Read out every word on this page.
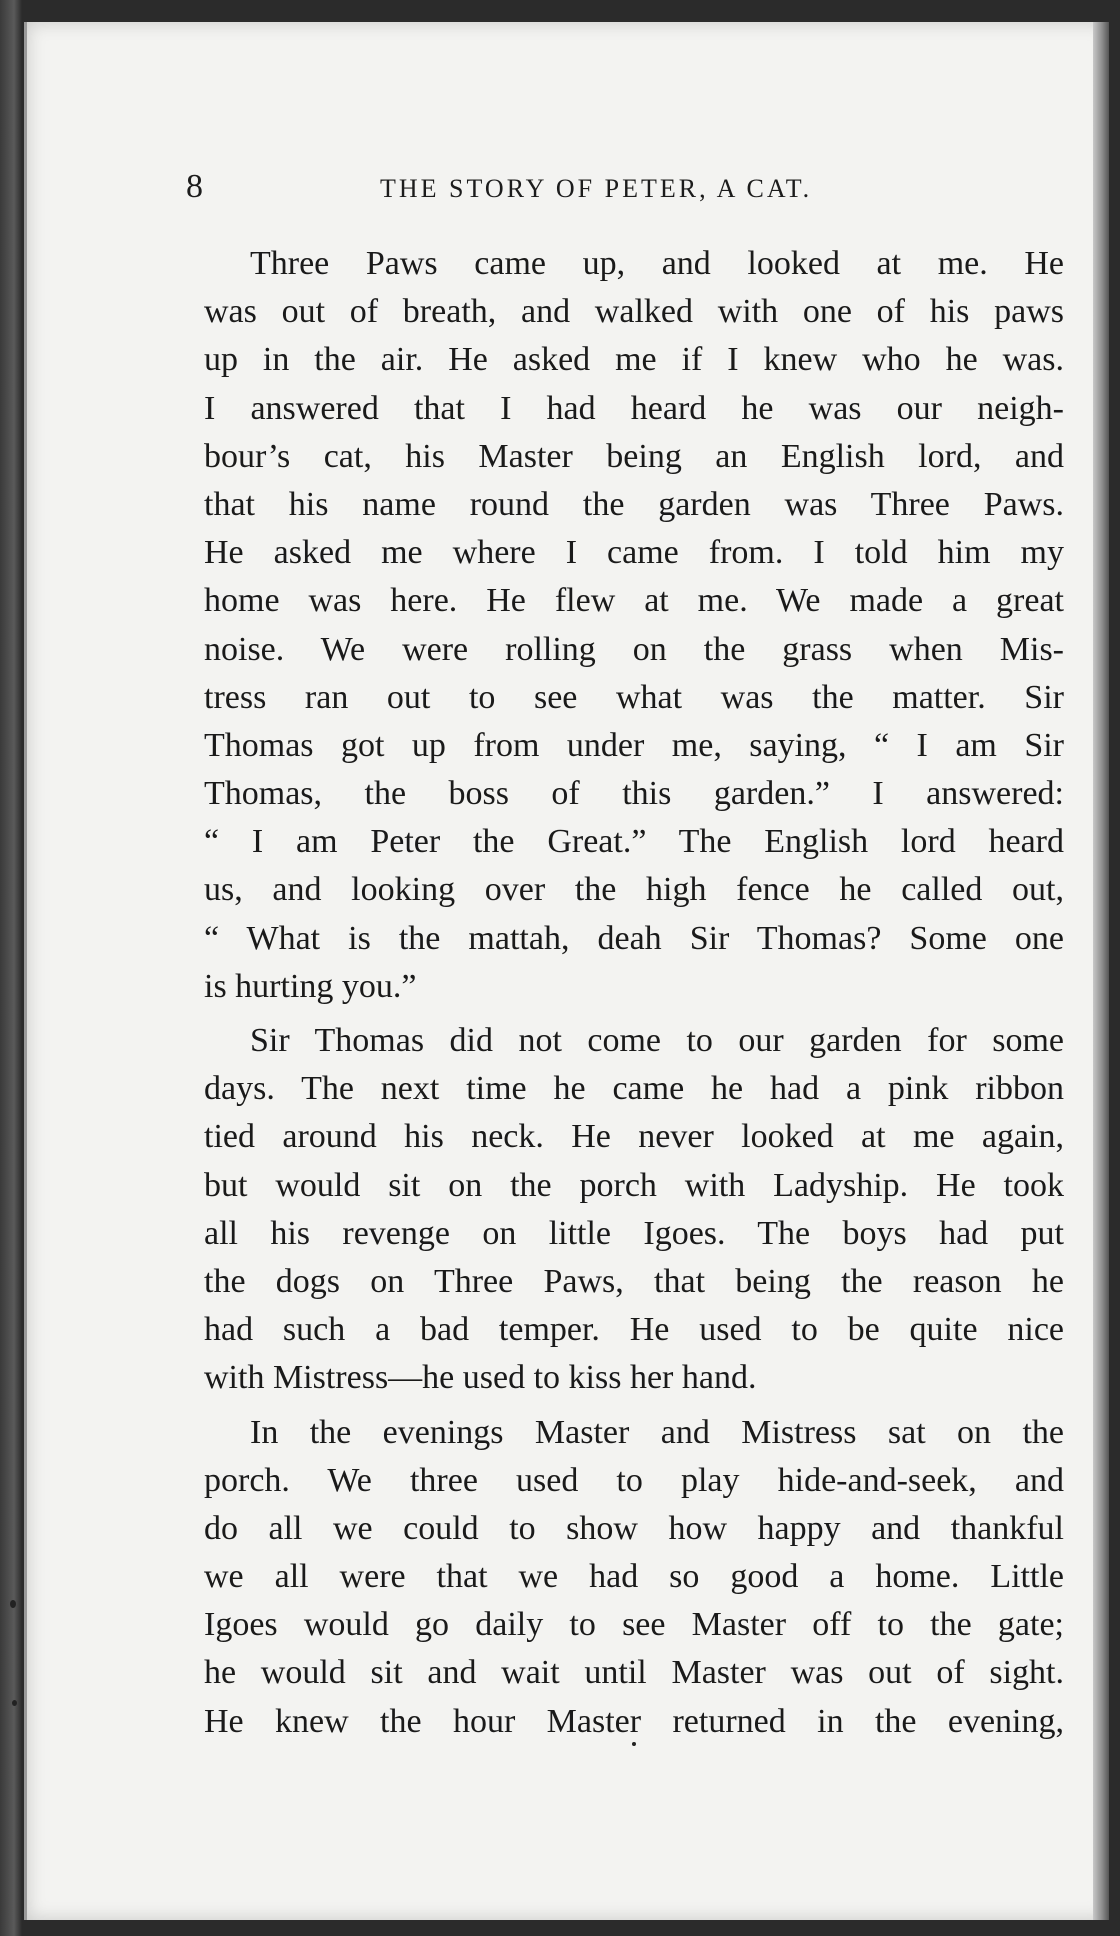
8	THE STORY OF PETER, A CAT.
Three Paws came up, and looked at me. He
was out of breath, and walked with one of his paws
up in the air. He asked me if I knew who he was.
I answered that I had heard he was our neigh-
bour’s cat, his Master being an English lord, and
that his name round the garden was Three Paws.
He asked me where I came from. I told him my
home was here. He flew at me. We made a great
noise. We were rolling on the grass when Mis-
tress ran out to see what was the matter. Sir
Thomas got up from under me, saying, “ I am Sir
Thomas, the boss of this garden.” I answered:
“ I am Peter the Great.” The English lord heard
us, and looking over the high fence he called out,
“ What is the mattah, deah Sir Thomas? Some one
is hurting you.”
Sir Thomas did not come to our garden for some
days. The next time he came he had a pink ribbon
tied around his neck. He never looked at me again,
but would sit on the porch with Ladyship. He took
all his revenge on little Igoes. The boys had put
the dogs on Three Paws, that being the reason he
had such a bad temper. He used to be quite nice
with Mistress—he used to kiss her hand.
In the evenings Master and Mistress sat on the
porch. We three used to play hide-and-seek, and
do all we could to show how happy and thankful
we all were that we had so good a home. Little
Igoes would go daily to see Master off to the gate;
he would sit and wait until Master was out of sight.
He knew the hour Master returned in the evening,
